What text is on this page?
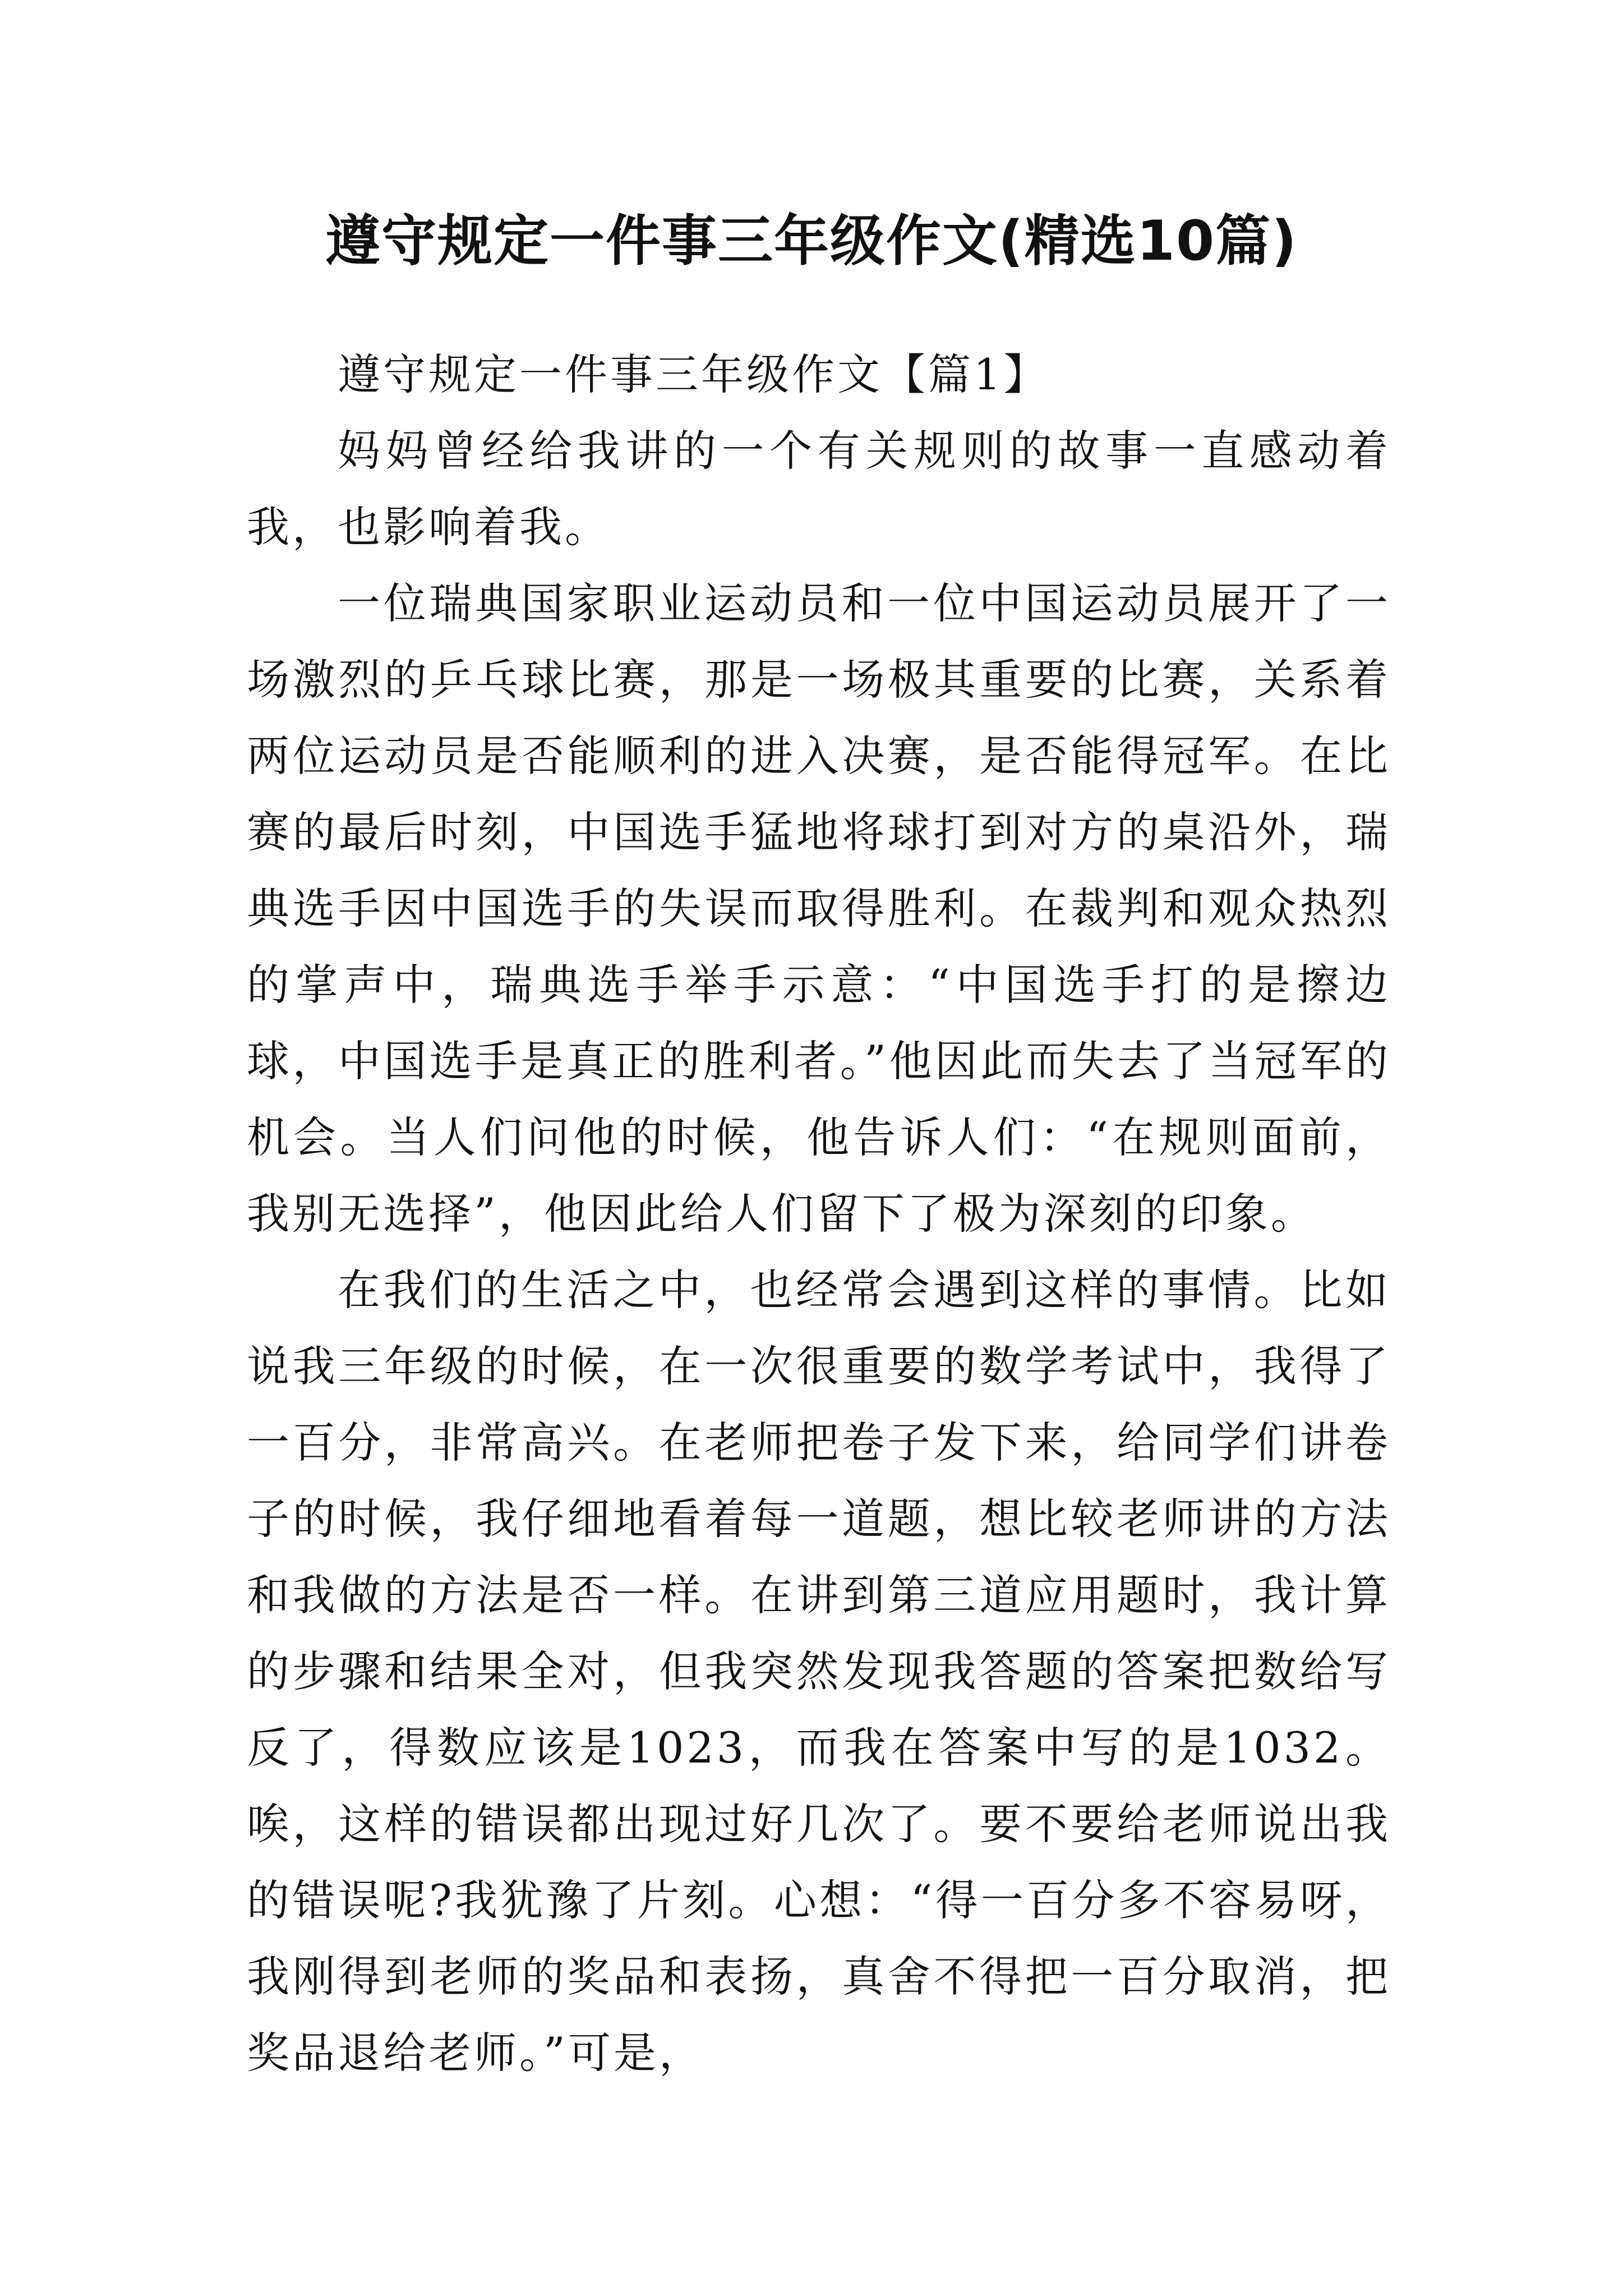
遵守规定一件事三年级作文(精选10篇)

遵守规定一件事三年级作文【篇1】

妈妈曾经给我讲的一个有关规则的故事一直感动着我，也影响着我。

一位瑞典国家职业运动员和一位中国运动员展开了一场激烈的乒乓球比赛，那是一场极其重要的比赛，关系着两位运动员是否能顺利的进入决赛，是否能得冠军。在比赛的最后时刻，中国选手猛地将球打到对方的桌沿外，瑞典选手因中国选手的失误而取得胜利。在裁判和观众热烈的掌声中，瑞典选手举手示意：“中国选手打的是擦边球，中国选手是真正的胜利者。”他因此而失去了当冠军的机会。当人们问他的时候，他告诉人们：“在规则面前，我别无选择”，他因此给人们留下了极为深刻的印象。

在我们的生活之中，也经常会遇到这样的事情。比如说我三年级的时候，在一次很重要的数学考试中，我得了一百分，非常高兴。在老师把卷子发下来，给同学们讲卷子的时候，我仔细地看着每一道题，想比较老师讲的方法和我做的方法是否一样。在讲到第三道应用题时，我计算的步骤和结果全对，但我突然发现我答题的答案把数给写反了，得数应该是1023，而我在答案中写的是1032。唉，这样的错误都出现过好几次了。要不要给老师说出我的错误呢?我犹豫了片刻。心想：“得一百分多不容易呀，我刚得到老师的奖品和表扬，真舍不得把一百分取消，把奖品退给老师。”可是，
